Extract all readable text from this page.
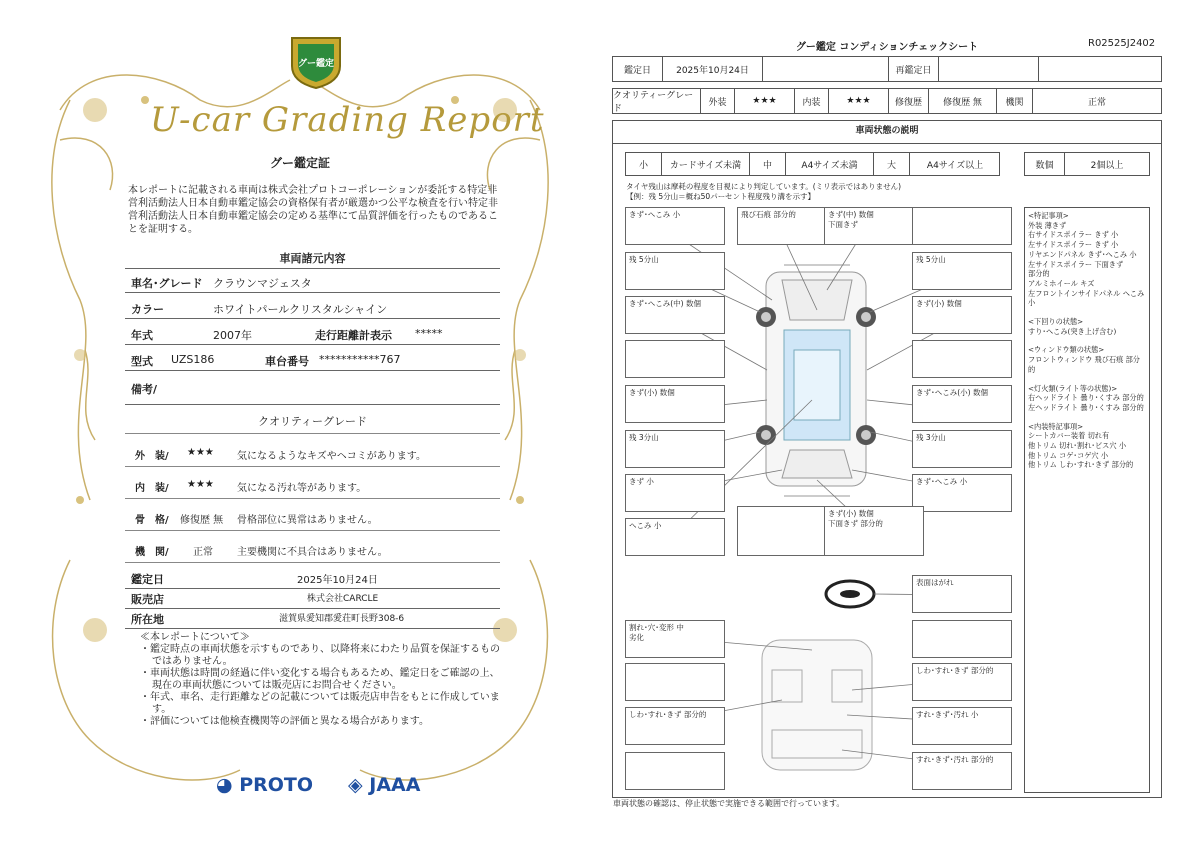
グー鑑定
U-car Grading Report
グー鑑定証
本レポートに記載される車両は株式会社プロトコーポレーションが委託する特定非営利活動法人日本自動車鑑定協会の資格保有者が厳選かつ公平な検査を行い特定非営利活動法人日本自動車鑑定協会の定める基準にて品質評価を行ったものであることを証明する。
車両諸元内容
車名･グレード クラウンマジェスタ
カラー	ホワイトパールクリスタルシャイン
年式	2007年	走行距離計表示 *****
型式 UZS186	車台番号 ***********767
備考/
クオリティーグレード
外　装/ ★★★ 気になるようなキズやヘコミがあります。
内　装/ ★★★ 気になる汚れ等があります。
骨　格/ 修復歴 無 骨格部位に異常はありません。
機　関/ 正常 主要機関に不具合はありません。
鑑定日	2025年10月24日
販売店	株式会社CARCLE
所在地	滋賀県愛知郡愛荘町長野308-6
≪本レポートについて≫
・鑑定時点の車両状態を示すものであり、以降将来にわたり品質を保証するものではありません。
・車両状態は時間の経過に伴い変化する場合もあるため、鑑定日をご確認の上、現在の車両状態については販売店にお問合せください。
・年式、車名、走行距離などの記載については販売店申告をもとに作成しています。
・評価については他検査機関等の評価と異なる場合があります。
◕ PROTO ◈ JAAA
グー鑑定 コンディションチェックシート	R02525J2402
鑑定日	2025年10月24日	再鑑定日
クオリティーグレード
外装	★★★	内装	★★★	修復歴	修復歴 無	機関	正常
車両状態の説明
小	カードサイズ未満	中	A4サイズ未満	大	A4サイズ以上	数個	2個以上
タイヤ残山は摩耗の程度を目視により判定しています。(ミリ表示ではありません)
【例：残 5分山＝概ね50パーセント程度残り溝を示す】
きず･へこみ 小	飛び石痕 部分的	きず(中) 数個
下面きず
残 5分山	残 5分山
きず･へこみ(中) 数個	きず(小) 数個
きず(小) 数個	きず･へこみ(小) 数個
残 3分山	残 3分山
きず 小	きず･へこみ 小
へこみ 小
きず(小) 数個
下面きず 部分的
表面はがれ
割れ･穴･変形 中
劣化
しわ･すれ･きず 部分的
しわ･すれ･きず 部分的	すれ･きず･汚れ 小
すれ･きず･汚れ 部分的
<特記事項>
外装 薄きず
右サイドスポイラー きず 小
左サイドスポイラー きず 小
リヤエンドパネル きず･へこみ 小
左サイドスポイラー 下面きず
部分的
アルミホイール キズ
左フロントインサイドパネル へこみ 小
<下回りの状態>
すり･へこみ(突き上げ含む)
<ウィンドウ類の状態>
フロントウィンドウ 飛び石痕 部分的
<灯火類(ライト等の状態)>
右ヘッドライト 曇り･くすみ 部分的
左ヘッドライト 曇り･くすみ 部分的
<内装特記事項>
シートカバー装着 切れ有
他トリム 切れ･割れ･ビス穴 小
他トリム コゲ･コゲ穴 小
他トリム しわ･すれ･きず 部分的
車両状態の確認は、停止状態で実施できる範囲で行っています。
